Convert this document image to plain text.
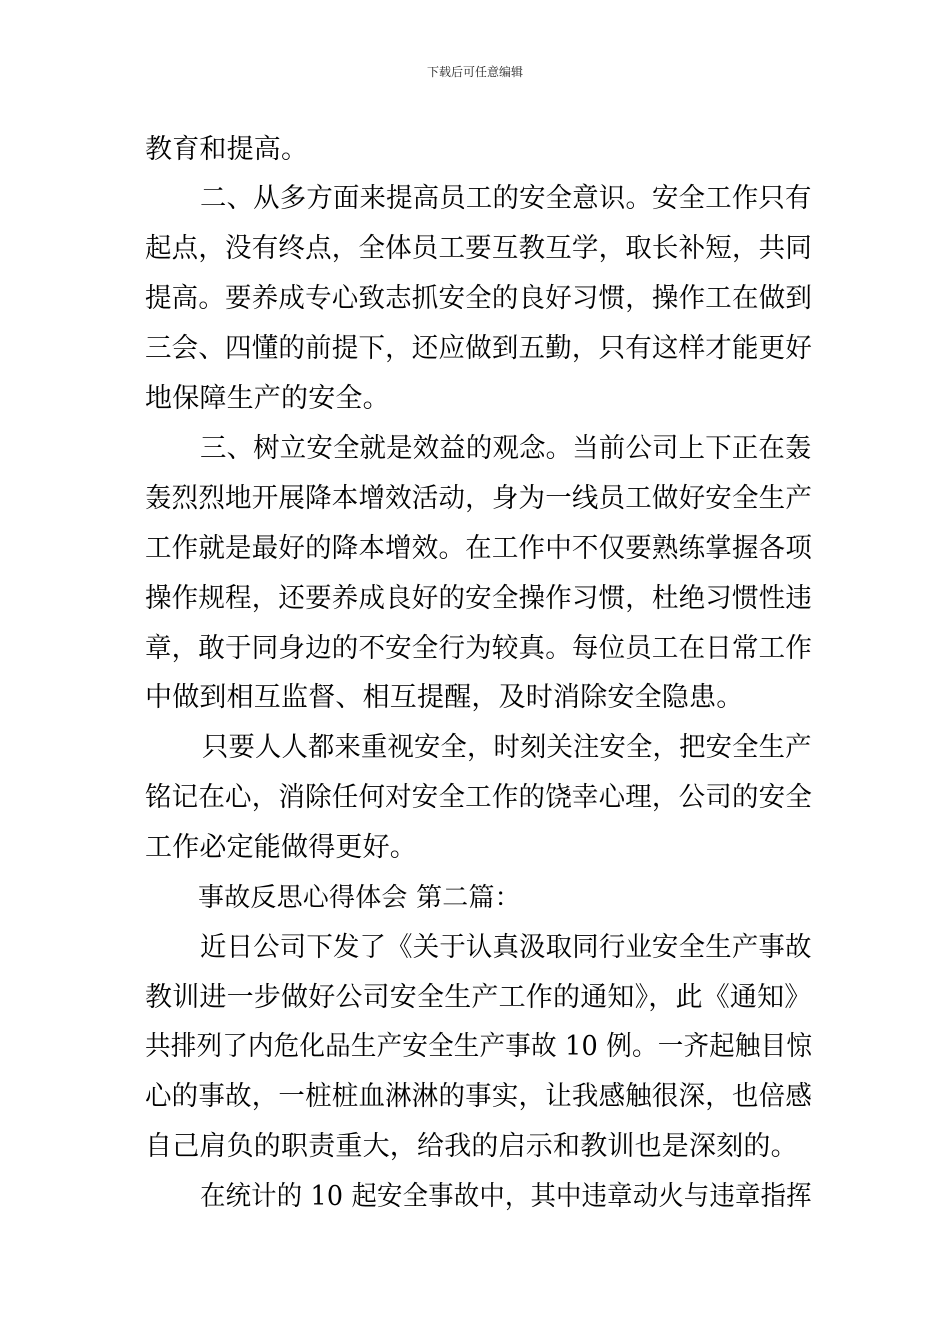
下载后可任意编辑
教育和提高。
二、从多方面来提高员工的安全意识。安全工作只有
起点，没有终点，全体员工要互教互学，取长补短，共同
提高。要养成专心致志抓安全的良好习惯，操作工在做到
三会、四懂的前提下，还应做到五勤，只有这样才能更好
地保障生产的安全。
三、树立安全就是效益的观念。当前公司上下正在轰
轰烈烈地开展降本增效活动，身为一线员工做好安全生产
工作就是最好的降本增效。在工作中不仅要熟练掌握各项
操作规程，还要养成良好的安全操作习惯，杜绝习惯性违
章，敢于同身边的不安全行为较真。每位员工在日常工作
中做到相互监督、相互提醒，及时消除安全隐患。
只要人人都来重视安全，时刻关注安全，把安全生产
铭记在心，消除任何对安全工作的饶幸心理，公司的安全
工作必定能做得更好。
事故反思心得体会 第二篇：
近日公司下发了《关于认真汲取同行业安全生产事故
教训进一步做好公司安全生产工作的通知》，此《通知》
共排列了内危化品生产安全生产事故 10 例。一齐起触目惊
心的事故，一桩桩血淋淋的事实，让我感触很深，也倍感
自己肩负的职责重大，给我的启示和教训也是深刻的。
在统计的 10 起安全事故中，其中违章动火与违章指挥
